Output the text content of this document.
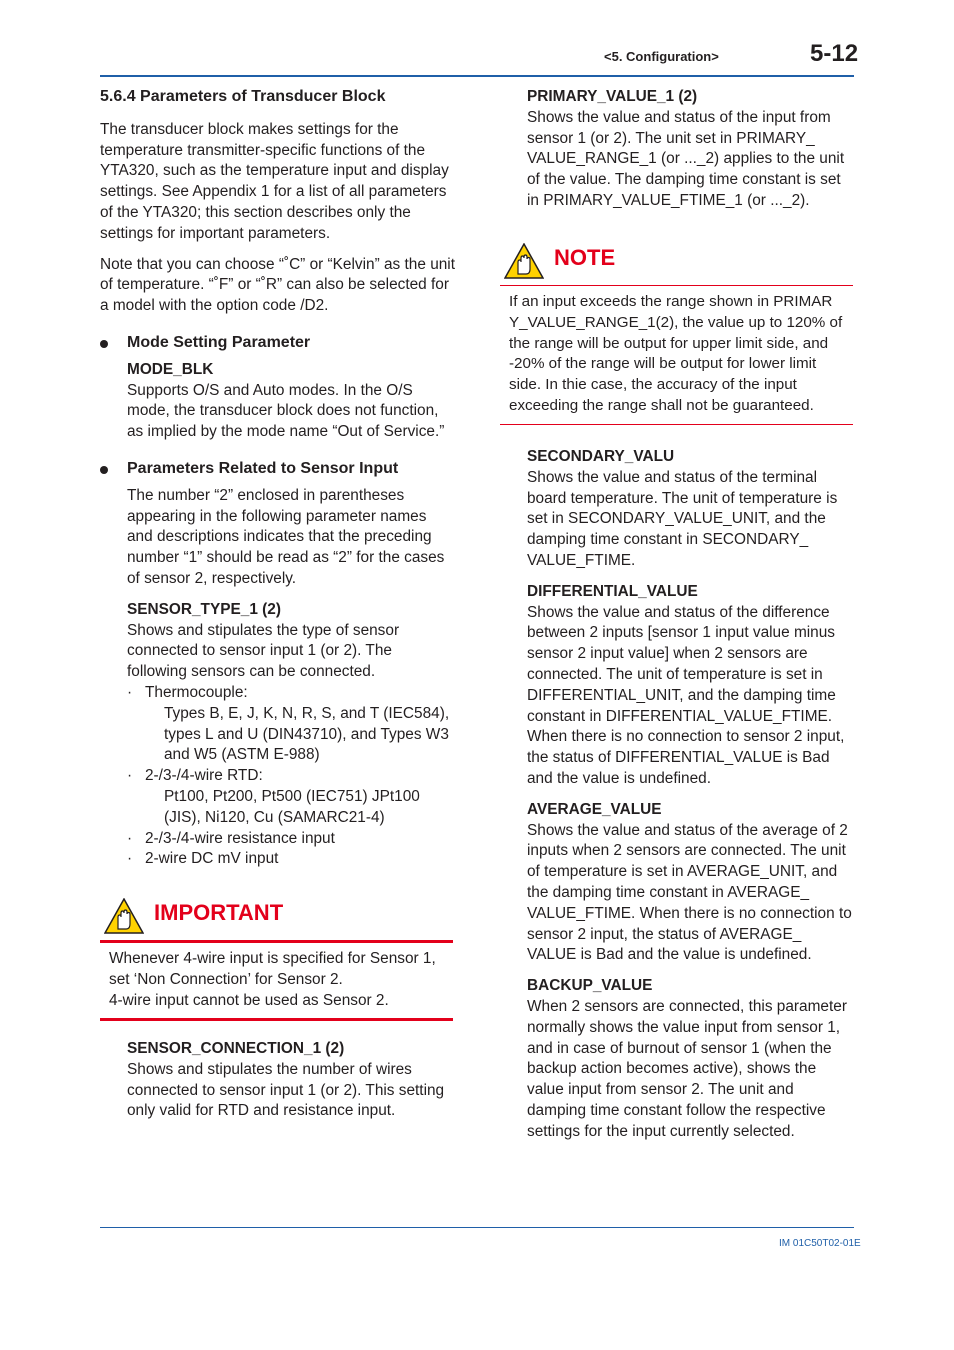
<5. Configuration>	5-12

5.6.4 Parameters of Transducer Block

The transducer block makes settings for the temperature transmitter-specific functions of the YTA320, such as the temperature input and display settings. See Appendix 1 for a list of all parameters of the YTA320; this section describes only the settings for important parameters.

Note that you can choose “˚C” or “Kelvin” as the unit of temperature. “˚F” or “˚R” can also be selected for a model with the option code /D2.

Mode Setting Parameter

MODE_BLK

Supports O/S and Auto modes. In the O/S mode, the transducer block does not function, as implied by the mode name “Out of Service.”

Parameters Related to Sensor Input

The number “2” enclosed in parentheses appearing in the following parameter names and descriptions indicates that the preceding number “1” should be read as “2” for the cases of sensor 2, respectively.

SENSOR_TYPE_1 (2)

Shows and stipulates the type of sensor connected to sensor input 1 (or 2). The following sensors can be connected.

· Thermocouple:
Types B, E, J, K, N, R, S, and T (IEC584), types L and U (DIN43710), and Types W3 and W5 (ASTM E-988)
· 2-/3-/4-wire RTD:
Pt100, Pt200, Pt500 (IEC751) JPt100 (JIS), Ni120, Cu (SAMARC21-4)
· 2-/3-/4-wire resistance input
· 2-wire DC mV input
IMPORTANT
Whenever 4-wire input is specified for Sensor 1,
set ‘Non Connection’ for Sensor 2.
4-wire input cannot be used as Sensor 2.

SENSOR_CONNECTION_1 (2)

Shows and stipulates the number of wires connected to sensor input 1 (or 2). This setting only valid for RTD and resistance input.

PRIMARY_VALUE_1 (2)

Shows the value and status of the input from sensor 1 (or 2). The unit set in PRIMARY_ VALUE_RANGE_1 (or ..._2) applies to the unit of the value. The damping time constant is set in PRIMARY_VALUE_FTIME_1 (or ..._2).

NOTE
If an input exceeds the range shown in PRIMAR Y_VALUE_RANGE_1(2), the value up to 120% of the range will be output for upper limit side, and -20% of the range will be output for lower limit side. In thie case, the accuracy of the input exceeding the range shall not be guaranteed.

SECONDARY_VALU

Shows the value and status of the terminal board temperature. The unit of temperature is set in SECONDARY_VALUE_UNIT, and the damping time constant in SECONDARY_ VALUE_FTIME.

DIFFERENTIAL_VALUE

Shows the value and status of the difference between 2 inputs [sensor 1 input value minus sensor 2 input value] when 2 sensors are connected. The unit of temperature is set in DIFFERENTIAL_UNIT, and the damping time constant in DIFFERENTIAL_VALUE_FTIME. When there is no connection to sensor 2 input, the status of DIFFERENTIAL_VALUE is Bad and the value is undefined.

AVERAGE_VALUE

Shows the value and status of the average of 2 inputs when 2 sensors are connected. The unit of temperature is set in AVERAGE_UNIT, and the damping time constant in AVERAGE_ VALUE_FTIME. When there is no connection to sensor 2 input, the status of AVERAGE_ VALUE is Bad and the value is undefined.

BACKUP_VALUE

When 2 sensors are connected, this parameter normally shows the value input from sensor 1, and in case of burnout of sensor 1 (when the backup action becomes active), shows the value input from sensor 2. The unit and damping time constant follow the respective settings for the input currently selected.

IM 01C50T02-01E
